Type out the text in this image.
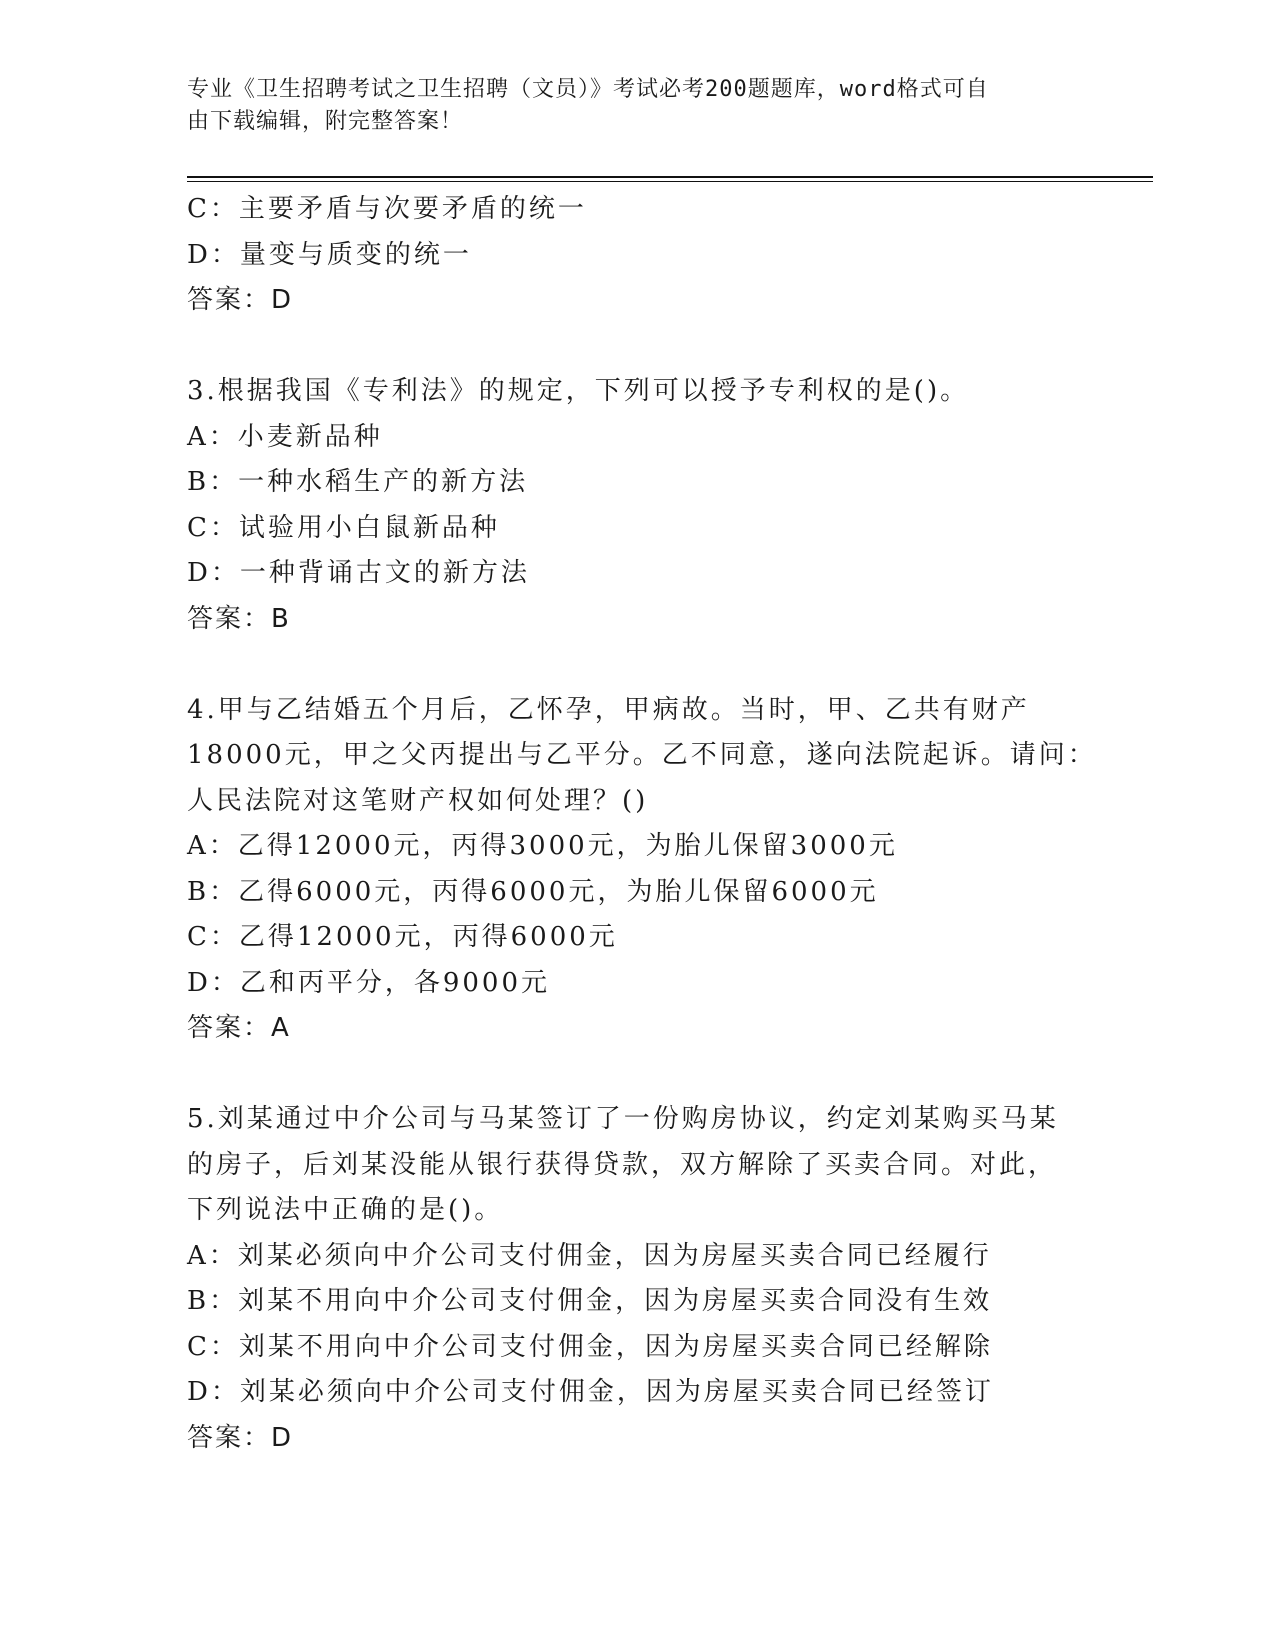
专业《卫生招聘考试之卫生招聘（文员）》考试必考200题题库，word格式可自
由下载编辑，附完整答案！
C：主要矛盾与次要矛盾的统一
D：量变与质变的统一
答案：D
3.根据我国《专利法》的规定，下列可以授予专利权的是()。
A：小麦新品种
B：一种水稻生产的新方法
C：试验用小白鼠新品种
D：一种背诵古文的新方法
答案：B
4.甲与乙结婚五个月后，乙怀孕，甲病故。当时，甲、乙共有财产
18000元，甲之父丙提出与乙平分。乙不同意，遂向法院起诉。请问：
人民法院对这笔财产权如何处理？()
A：乙得12000元，丙得3000元，为胎儿保留3000元
B：乙得6000元，丙得6000元，为胎儿保留6000元
C：乙得12000元，丙得6000元
D：乙和丙平分，各9000元
答案：A
5.刘某通过中介公司与马某签订了一份购房协议，约定刘某购买马某
的房子，后刘某没能从银行获得贷款，双方解除了买卖合同。对此，
下列说法中正确的是()。
A：刘某必须向中介公司支付佣金，因为房屋买卖合同已经履行
B：刘某不用向中介公司支付佣金，因为房屋买卖合同没有生效
C：刘某不用向中介公司支付佣金，因为房屋买卖合同已经解除
D：刘某必须向中介公司支付佣金，因为房屋买卖合同已经签订
答案：D
